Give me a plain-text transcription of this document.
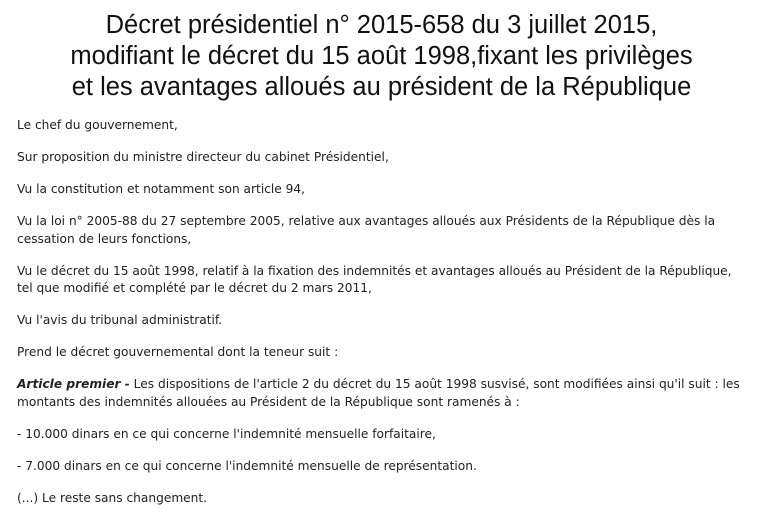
Décret présidentiel n° 2015-658 du 3 juillet 2015,
modifiant le décret du 15 août 1998,fixant les privilèges
et les avantages alloués au président de la République

Le chef du gouvernement,

Sur proposition du ministre directeur du cabinet Présidentiel,

Vu la constitution et notamment son article 94,

Vu la loi n° 2005-88 du 27 septembre 2005, relative aux avantages alloués aux Présidents de la République dès la cessation de leurs fonctions,

Vu le décret du 15 août 1998, relatif à la fixation des indemnités et avantages alloués au Président de la République, tel que modifié et complété par le décret du 2 mars 2011,

Vu l'avis du tribunal administratif.

Prend le décret gouvernemental dont la teneur suit :

Article premier - Les dispositions de l'article 2 du décret du 15 août 1998 susvisé, sont modifiées ainsi qu'il suit : les montants des indemnités allouées au Président de la République sont ramenés à :

- 10.000 dinars en ce qui concerne l'indemnité mensuelle forfaitaire,

- 7.000 dinars en ce qui concerne l'indemnité mensuelle de représentation.

(...) Le reste sans changement.
